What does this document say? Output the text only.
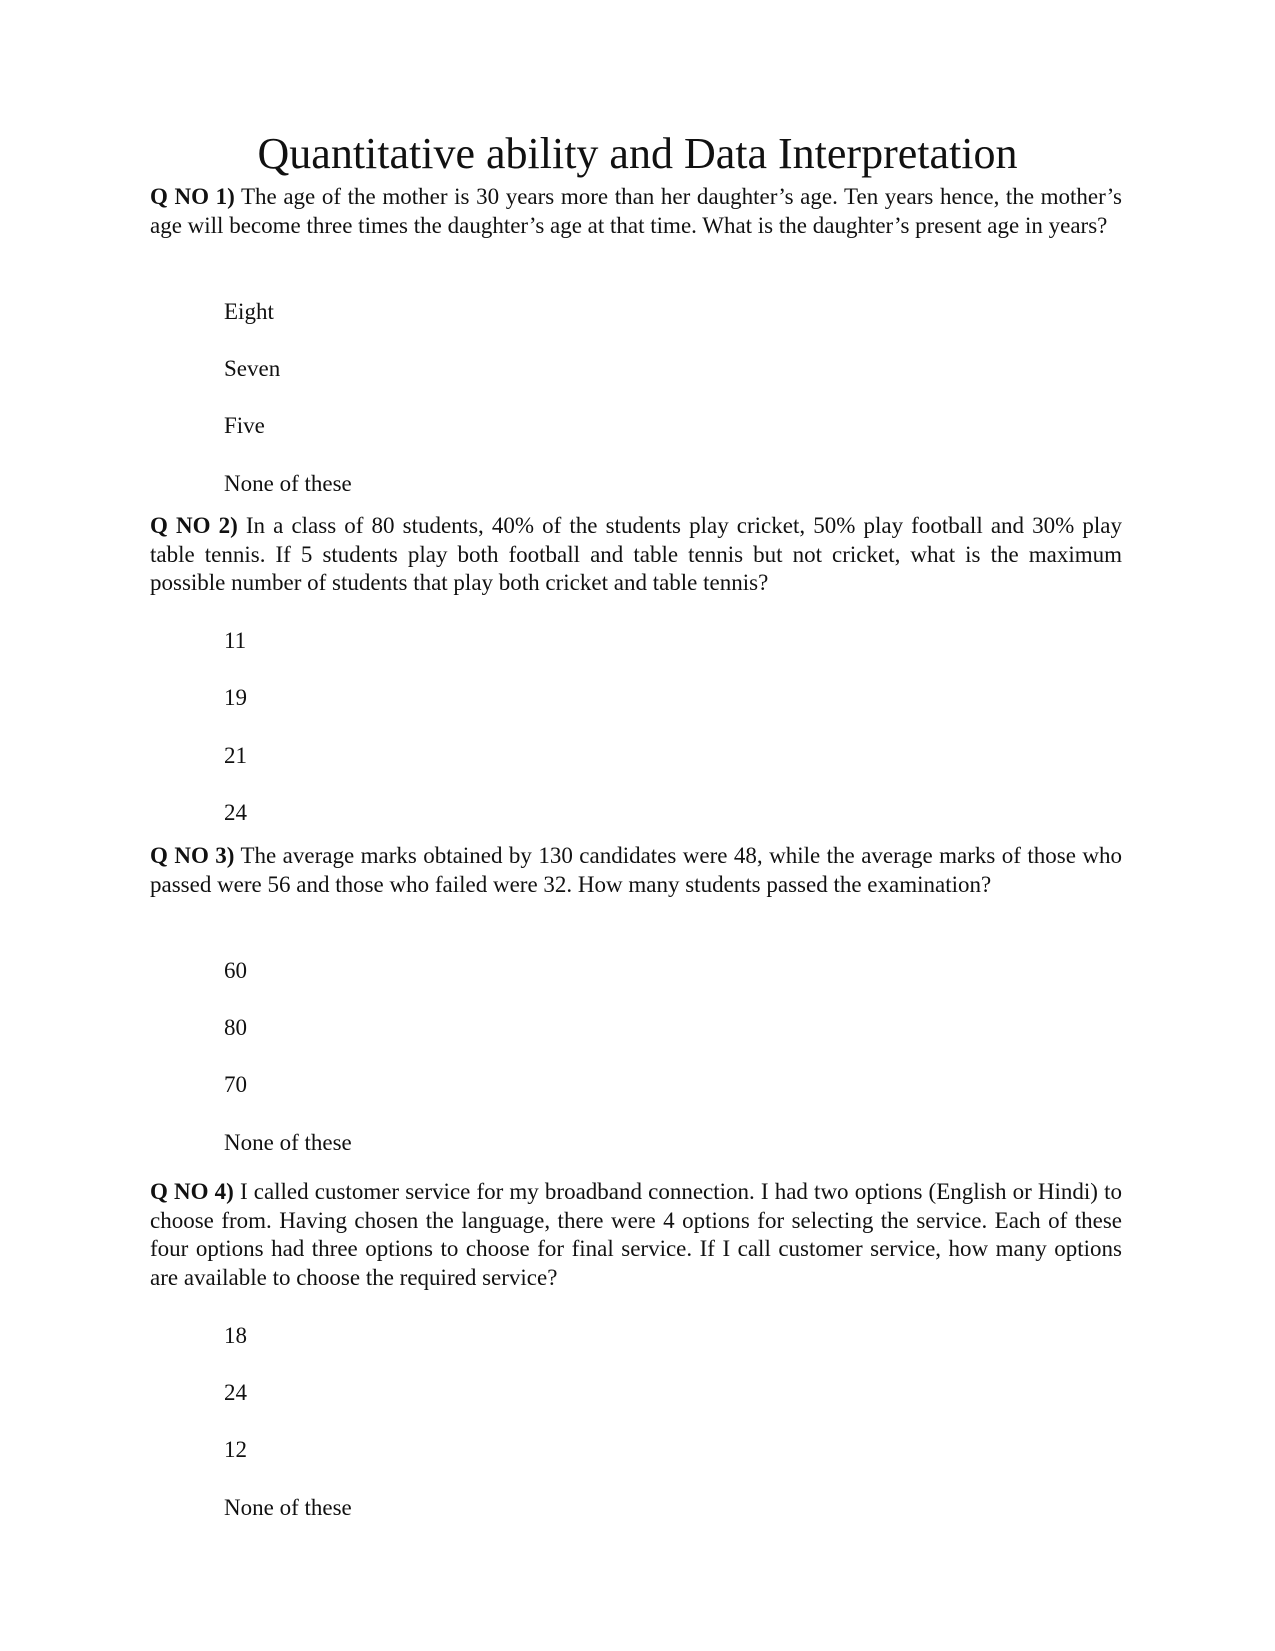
Quantitative ability and Data Interpretation

Q NO 1) The age of the mother is 30 years more than her daughter’s age. Ten years hence, the mother’s age will become three times the daughter’s age at that time. What is the daughter’s present age in years?

Eight
Seven
Five
None of these

Q NO 2) In a class of 80 students, 40% of the students play cricket, 50% play football and 30% play table tennis. If 5 students play both football and table tennis but not cricket, what is the maximum possible number of students that play both cricket and table tennis?

11
19
21
24

Q NO 3) The average marks obtained by 130 candidates were 48, while the average marks of those who passed were 56 and those who failed were 32. How many students passed the examination?

60
80
70
None of these

Q NO 4) I called customer service for my broadband connection. I had two options (English or Hindi) to choose from. Having chosen the language, there were 4 options for selecting the service. Each of these four options had three options to choose for final service. If I call customer service, how many options are available to choose the required service?

18
24
12
None of these
